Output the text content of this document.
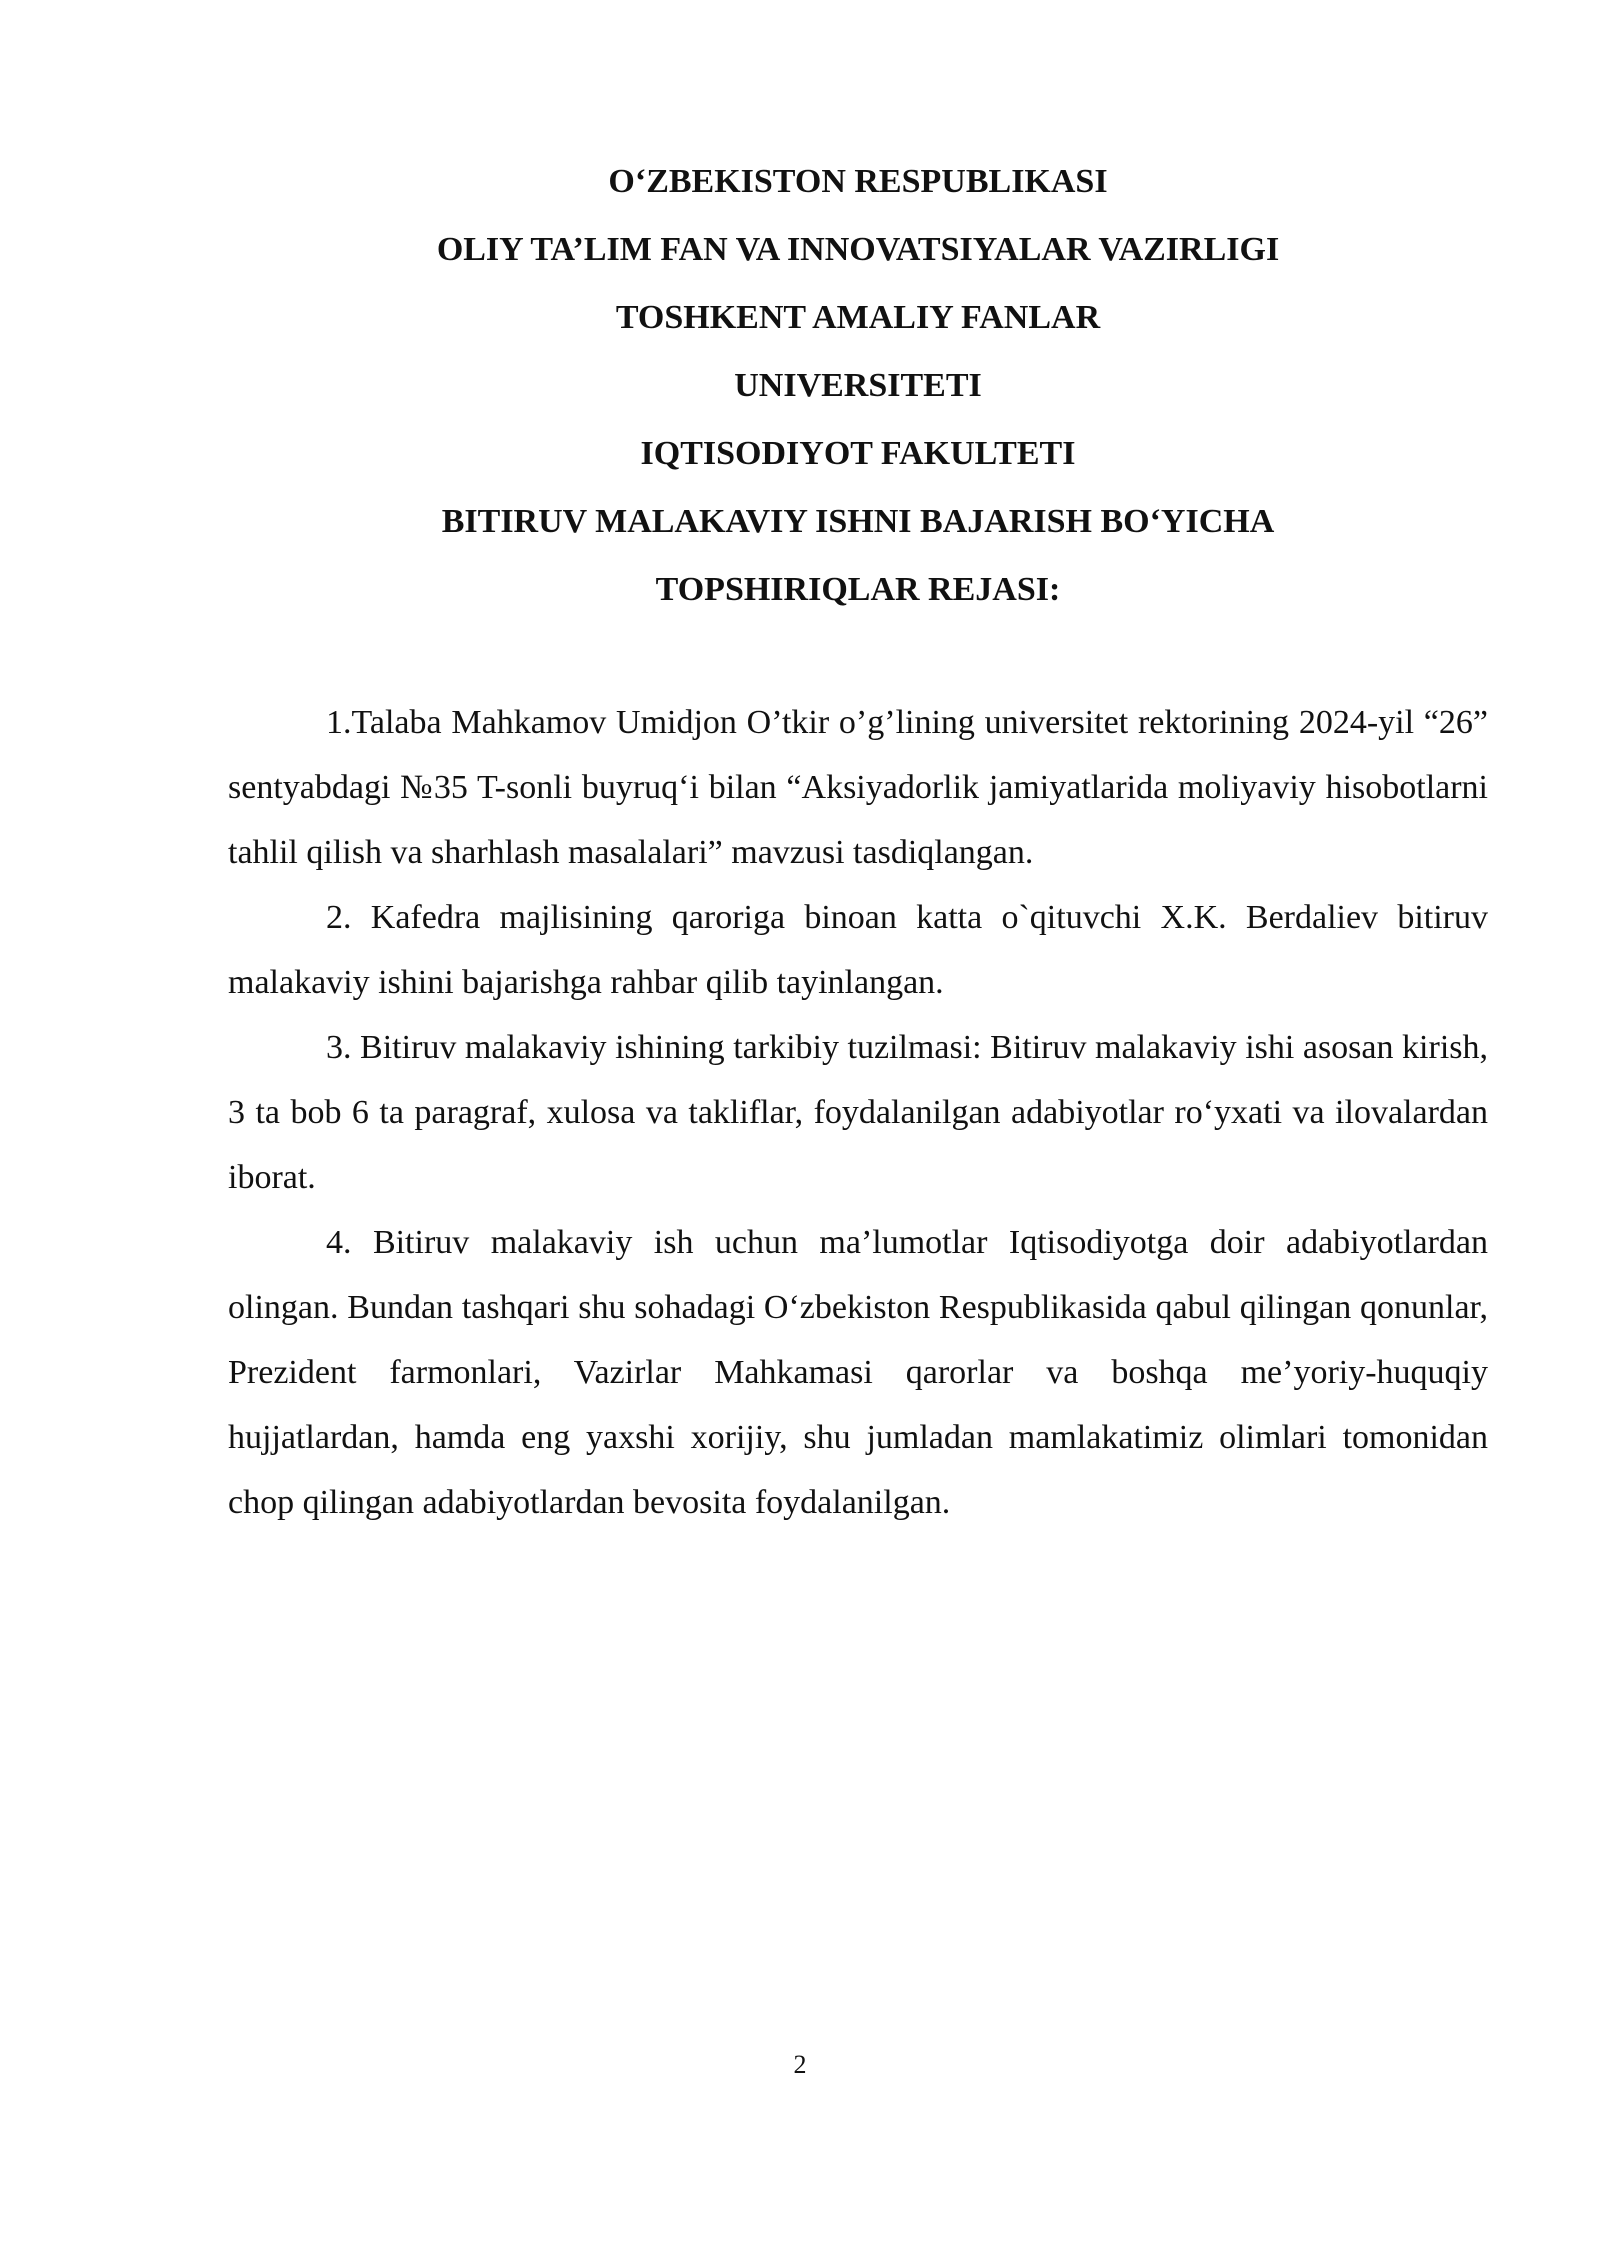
O‘ZBEKISTON RESPUBLIKASI
OLIY TA’LIM FAN VA INNOVATSIYALAR VAZIRLIGI
TOSHKENT AMALIY FANLAR
UNIVERSITETI
IQTISODIYOT FAKULTETI
BITIRUV MALAKAVIY ISHNI BAJARISH BO‘YICHA
TOPSHIRIQLAR REJASI:

1.Talaba Mahkamov Umidjon O’tkir o’g’lining universitet rektorining 2024-yil “26” sentyabdagi №35 T-sonli buyruq‘i bilan “Aksiyadorlik jamiyatlarida moliyaviy hisobotlarni tahlil qilish va sharhlash masalalari” mavzusi tasdiqlangan.

2. Kafedra majlisining qaroriga binoan katta o`qituvchi X.K. Berdaliev bitiruv malakaviy ishini bajarishga rahbar qilib tayinlangan.

3. Bitiruv malakaviy ishining tarkibiy tuzilmasi: Bitiruv malakaviy ishi asosan kirish, 3 ta bob 6 ta paragraf, xulosa va takliflar, foydalanilgan adabiyotlar ro‘yxati va ilovalardan iborat.

4. Bitiruv malakaviy ish uchun ma’lumotlar Iqtisodiyotga doir adabiyotlardan olingan. Bundan tashqari shu sohadagi O‘zbekiston Respublikasida qabul qilingan qonunlar, Prezident farmonlari, Vazirlar Mahkamasi qarorlar va boshqa me’yoriy-huquqiy hujjatlardan, hamda eng yaxshi xorijiy, shu jumladan mamlakatimiz olimlari tomonidan chop qilingan adabiyotlardan bevosita foydalanilgan.

2
